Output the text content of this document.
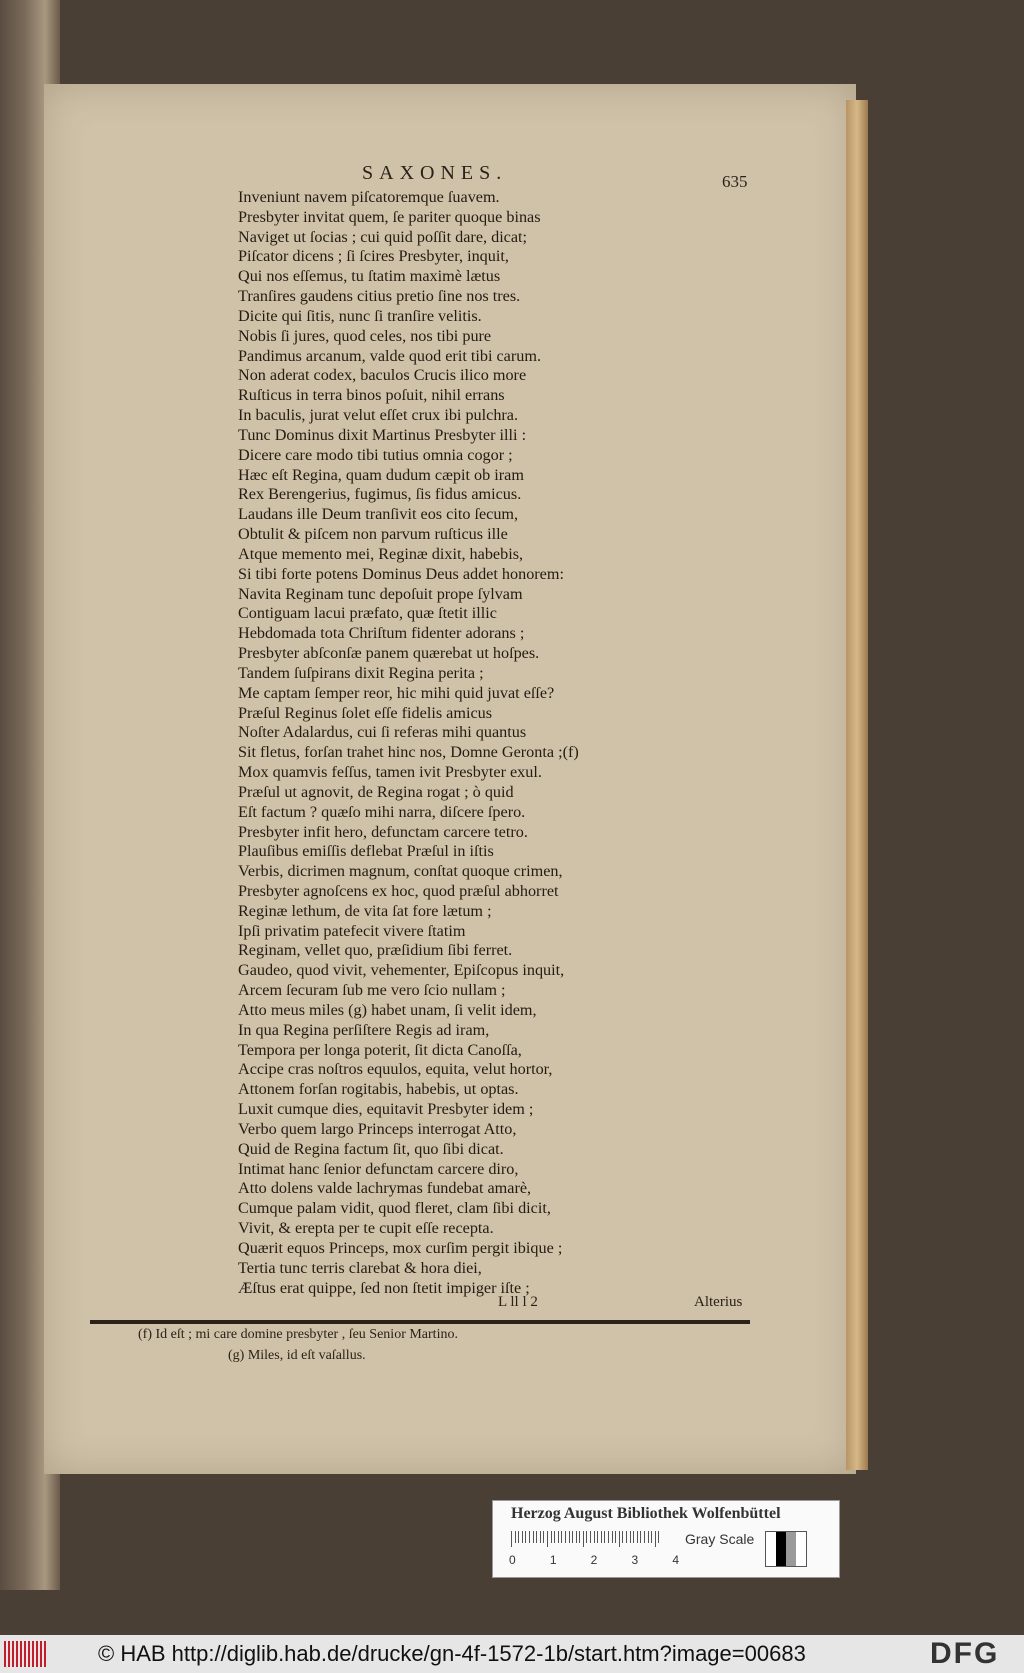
SAXONES.	635
Inveniunt navem piſcatoremque ſuavem.
Presbyter invitat quem, ſe pariter quoque binas
Naviget ut ſocias ; cui quid poſſit dare, dicat;
Piſcator dicens ; ſi ſcires Presbyter, inquit,
Qui nos eſſemus, tu ſtatim maximè lætus
Tranſires gaudens citius pretio ſine nos tres.
Dicite qui ſitis, nunc ſi tranſire velitis.
Nobis ſi jures, quod celes, nos tibi pure
Pandimus arcanum, valde quod erit tibi carum.
Non aderat codex, baculos Crucis ilico more
Ruſticus in terra binos poſuit, nihil errans
In baculis, jurat velut eſſet crux ibi pulchra.
Tunc Dominus dixit Martinus Presbyter illi :
Dicere care modo tibi tutius omnia cogor ;
Hæc eſt Regina, quam dudum cæpit ob iram
Rex Berengerius, fugimus, ſis fidus amicus.
Laudans ille Deum tranſivit eos cito ſecum,
Obtulit & piſcem non parvum ruſticus ille
Atque memento mei, Reginæ dixit, habebis,
Si tibi forte potens Dominus Deus addet honorem:
Navita Reginam tunc depoſuit prope ſylvam
Contiguam lacui præfato, quæ ſtetit illic
Hebdomada tota Chriſtum fidenter adorans ;
Presbyter abſconſæ panem quærebat ut hoſpes.
Tandem ſuſpirans dixit Regina perita ;
Me captam ſemper reor, hic mihi quid juvat eſſe?
Præſul Reginus ſolet eſſe fidelis amicus
Noſter Adalardus, cui ſi referas mihi quantus
Sit fletus, forſan trahet hinc nos, Domne Geronta ;(f)
Mox quamvis feſſus, tamen ivit Presbyter exul.
Præſul ut agnovit, de Regina rogat ; ò quid
Eſt factum ? quæſo mihi narra, diſcere ſpero.
Presbyter infit hero, defunctam carcere tetro.
Plauſibus emiſſis deflebat Præſul in iſtis
Verbis, dicrimen magnum, conſtat quoque crimen,
Presbyter agnoſcens ex hoc, quod præſul abhorret
Reginæ lethum, de vita ſat fore lætum ;
Ipſi privatim patefecit vivere ſtatim
Reginam, vellet quo, præſidium ſibi ferret.
Gaudeo, quod vivit, vehementer, Epiſcopus inquit,
Arcem ſecuram ſub me vero ſcio nullam ;
Atto meus miles (g) habet unam, ſi velit idem,
In qua Regina perſiſtere Regis ad iram,
Tempora per longa poterit, ſit dicta Canoſſa,
Accipe cras noſtros equulos, equita, velut hortor,
Attonem forſan rogitabis, habebis, ut optas.
Luxit cumque dies, equitavit Presbyter idem ;
Verbo quem largo Princeps interrogat Atto,
Quid de Regina factum ſit, quo ſibi dicat.
Intimat hanc ſenior defunctam carcere diro,
Atto dolens valde lachrymas fundebat amarè,
Cumque palam vidit, quod fleret, clam ſibi dicit,
Vivit, & erepta per te cupit eſſe recepta.
Quærit equos Princeps, mox curſim pergit ibique ;
Tertia tunc terris clarebat & hora diei,
Æſtus erat quippe, ſed non ſtetit impiger iſte ;
L ll l 2	Alterius
(f) Id eſt ; mi care domine presbyter , ſeu Senior Martino.
(g) Miles, id eſt vaſallus.
Herzog August Bibliothek Wolfenbüttel
Gray Scale
0	1	2	3	4
© HAB http://diglib.hab.de/drucke/gn-4f-1572-1b/start.htm?image=00683	DFG
